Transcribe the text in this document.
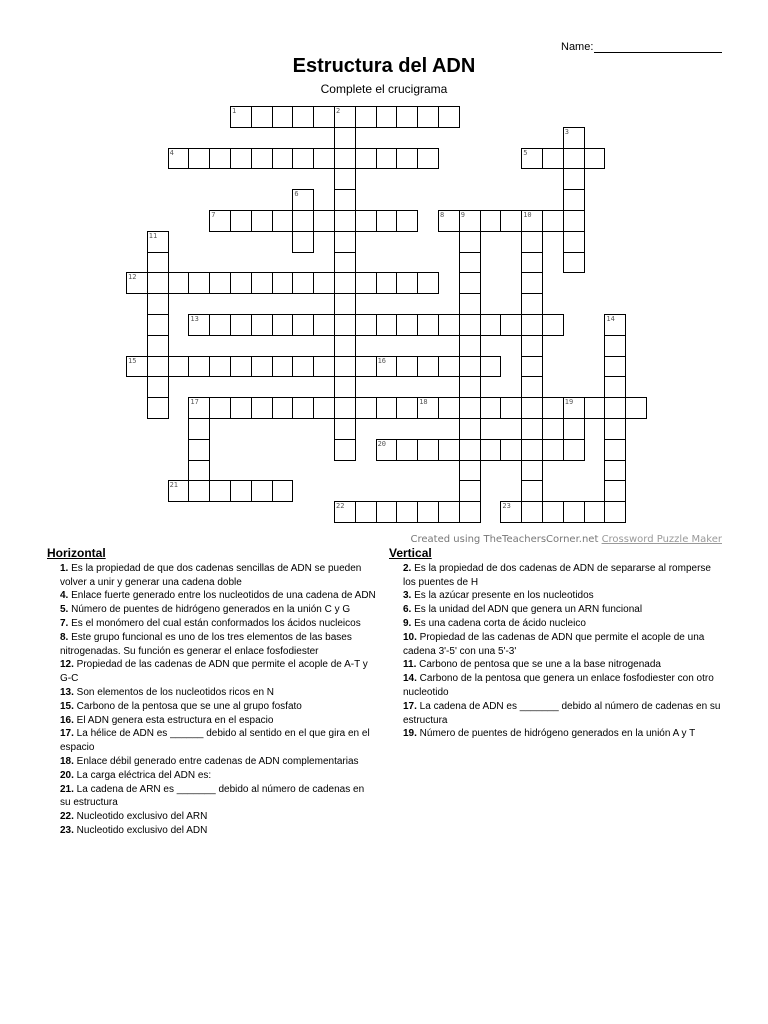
Name:
Estructura del ADN
Complete el crucigrama
1	2
3
4	5
6
7	8 9	10
11
12
13	14
15	16
17	18	19
20
21
22	23
Created using TheTeachersCorner.net Crossword Puzzle Maker
Horizontal
1. Es la propiedad de que dos cadenas sencillas de ADN se pueden volver a unir y generar una cadena doble
4. Enlace fuerte generado entre los nucleotidos de una cadena de ADN
5. Número de puentes de hidrógeno generados en la unión C y G
7. Es el monómero del cual están conformados los ácidos nucleicos
8. Este grupo funcional es uno de los tres elementos de las bases nitrogenadas. Su función es generar el enlace fosfodiester
12. Propiedad de las cadenas de ADN que permite el acople de A-T y G-C
13. Son elementos de los nucleotidos ricos en N
15. Carbono de la pentosa que se une al grupo fosfato
16. El ADN genera esta estructura en el espacio
17. La hélice de ADN es ______ debido al sentido en el que gira en el espacio
18. Enlace débil generado entre cadenas de ADN complementarias
20. La carga eléctrica del ADN es:
21. La cadena de ARN es _______ debido al número de cadenas en su estructura
22. Nucleotido exclusivo del ARN
23. Nucleotido exclusivo del ADN
Vertical
2. Es la propiedad de dos cadenas de ADN de separarse al romperse los puentes de H
3. Es la azúcar presente en los nucleotidos
6. Es la unidad del ADN que genera un ARN funcional
9. Es una cadena corta de ácido nucleico
10. Propiedad de las cadenas de ADN que permite el acople de una cadena 3'-5' con una 5'-3'
11. Carbono de pentosa que se une a la base nitrogenada
14. Carbono de la pentosa que genera un enlace fosfodiester con otro nucleotido
17. La cadena de ADN es _______ debido al número de cadenas en su estructura
19. Número de puentes de hidrógeno generados en la unión A y T
